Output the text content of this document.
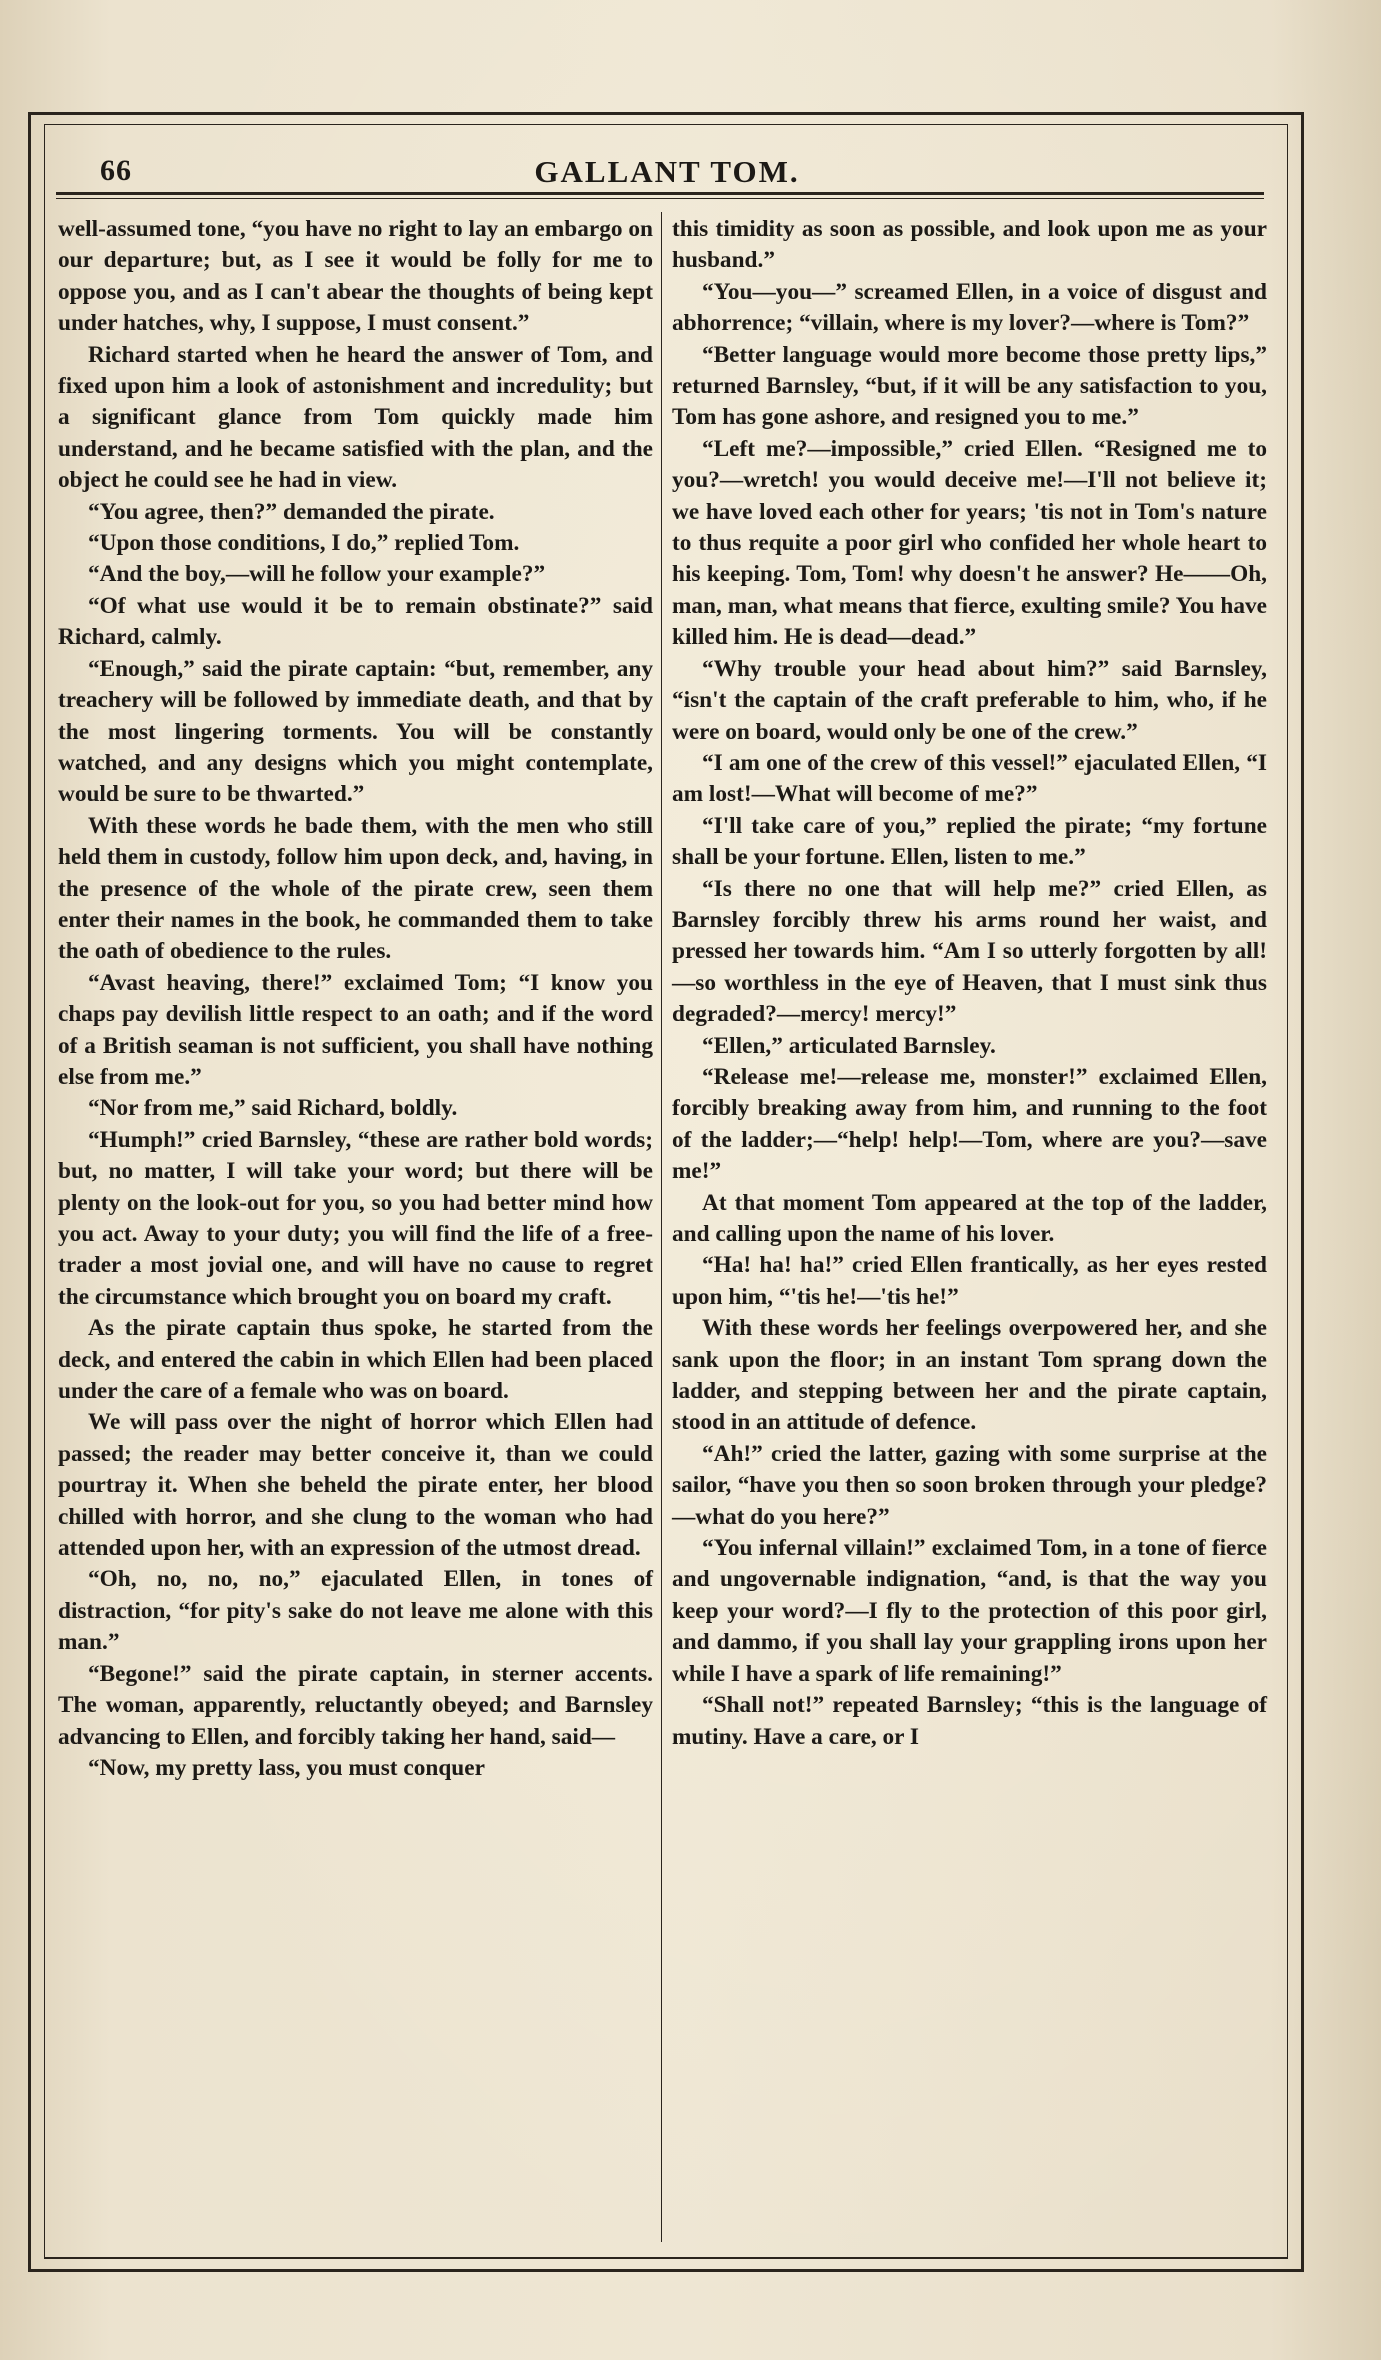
66	GALLANT TOM.

well-assumed tone, “you have no right to lay an embargo on our departure; but, as I see it would be folly for me to oppose you, and as I can't abear the thoughts of being kept under hatches, why, I suppose, I must consent.”

Richard started when he heard the answer of Tom, and fixed upon him a look of astonishment and incredulity; but a significant glance from Tom quickly made him understand, and he became satisfied with the plan, and the object he could see he had in view.

“You agree, then?” demanded the pirate.

“Upon those conditions, I do,” replied Tom.

“And the boy,—will he follow your example?”

“Of what use would it be to remain obstinate?” said Richard, calmly.

“Enough,” said the pirate captain: “but, remember, any treachery will be followed by immediate death, and that by the most lingering torments. You will be constantly watched, and any designs which you might contemplate, would be sure to be thwarted.”

With these words he bade them, with the men who still held them in custody, follow him upon deck, and, having, in the presence of the whole of the pirate crew, seen them enter their names in the book, he commanded them to take the oath of obedience to the rules.

“Avast heaving, there!” exclaimed Tom; “I know you chaps pay devilish little respect to an oath; and if the word of a British seaman is not sufficient, you shall have nothing else from me.”

“Nor from me,” said Richard, boldly.

“Humph!” cried Barnsley, “these are rather bold words; but, no matter, I will take your word; but there will be plenty on the look-out for you, so you had better mind how you act. Away to your duty; you will find the life of a free-trader a most jovial one, and will have no cause to regret the circumstance which brought you on board my craft.

As the pirate captain thus spoke, he started from the deck, and entered the cabin in which Ellen had been placed under the care of a female who was on board.

We will pass over the night of horror which Ellen had passed; the reader may better conceive it, than we could pourtray it. When she beheld the pirate enter, her blood chilled with horror, and she clung to the woman who had attended upon her, with an expression of the utmost dread.

“Oh, no, no, no,” ejaculated Ellen, in tones of distraction, “for pity's sake do not leave me alone with this man.”

“Begone!” said the pirate captain, in sterner accents. The woman, apparently, reluctantly obeyed; and Barnsley advancing to Ellen, and forcibly taking her hand, said—

“Now, my pretty lass, you must conquer

this timidity as soon as possible, and look upon me as your husband.”

“You—you—” screamed Ellen, in a voice of disgust and abhorrence; “villain, where is my lover?—where is Tom?”

“Better language would more become those pretty lips,” returned Barnsley, “but, if it will be any satisfaction to you, Tom has gone ashore, and resigned you to me.”

“Left me?—impossible,” cried Ellen. “Resigned me to you?—wretch! you would deceive me!—I'll not believe it; we have loved each other for years; 'tis not in Tom's nature to thus requite a poor girl who confided her whole heart to his keeping. Tom, Tom! why doesn't he answer? He——Oh, man, man, what means that fierce, exulting smile? You have killed him. He is dead—dead.”

“Why trouble your head about him?” said Barnsley, “isn't the captain of the craft preferable to him, who, if he were on board, would only be one of the crew.”

“I am one of the crew of this vessel!” ejaculated Ellen, “I am lost!—What will become of me?”

“I'll take care of you,” replied the pirate; “my fortune shall be your fortune. Ellen, listen to me.”

“Is there no one that will help me?” cried Ellen, as Barnsley forcibly threw his arms round her waist, and pressed her towards him. “Am I so utterly forgotten by all!—so worthless in the eye of Heaven, that I must sink thus degraded?—mercy! mercy!”

“Ellen,” articulated Barnsley.

“Release me!—release me, monster!” exclaimed Ellen, forcibly breaking away from him, and running to the foot of the ladder;—“help! help!—Tom, where are you?—save me!”

At that moment Tom appeared at the top of the ladder, and calling upon the name of his lover.

“Ha! ha! ha!” cried Ellen frantically, as her eyes rested upon him, “'tis he!—'tis he!”

With these words her feelings overpowered her, and she sank upon the floor; in an instant Tom sprang down the ladder, and stepping between her and the pirate captain, stood in an attitude of defence.

“Ah!” cried the latter, gazing with some surprise at the sailor, “have you then so soon broken through your pledge?—what do you here?”

“You infernal villain!” exclaimed Tom, in a tone of fierce and ungovernable indignation, “and, is that the way you keep your word?—I fly to the protection of this poor girl, and dammo, if you shall lay your grappling irons upon her while I have a spark of life remaining!”

“Shall not!” repeated Barnsley; “this is the language of mutiny. Have a care, or I
